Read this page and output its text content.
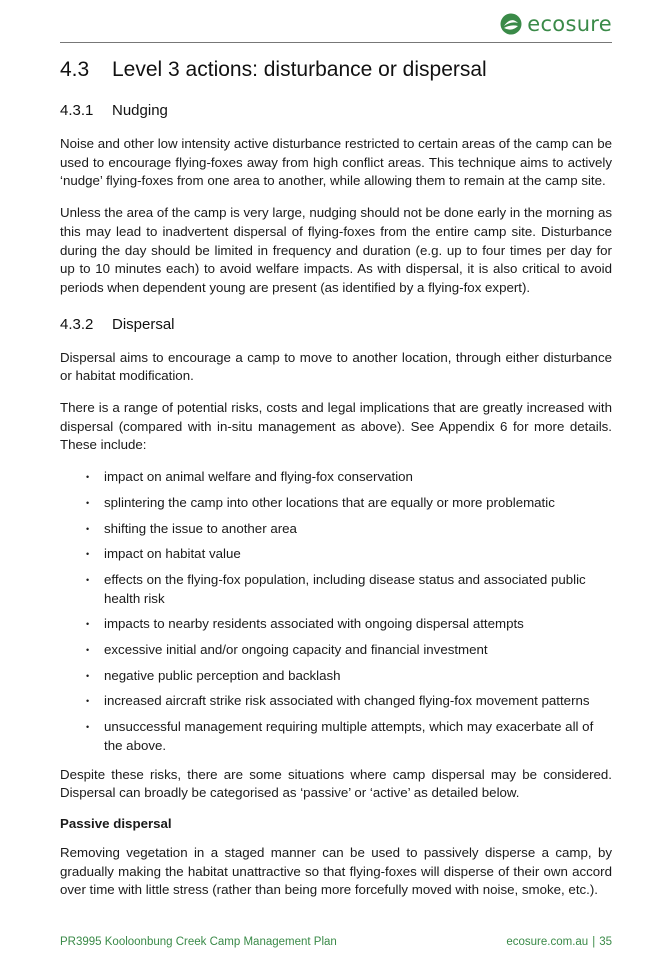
ecosure
4.3 Level 3 actions: disturbance or dispersal
4.3.1 Nudging

Noise and other low intensity active disturbance restricted to certain areas of the camp can be used to encourage flying-foxes away from high conflict areas. This technique aims to actively ‘nudge’ flying-foxes from one area to another, while allowing them to remain at the camp site.

Unless the area of the camp is very large, nudging should not be done early in the morning as this may lead to inadvertent dispersal of flying-foxes from the entire camp site. Disturbance during the day should be limited in frequency and duration (e.g. up to four times per day for up to 10 minutes each) to avoid welfare impacts. As with dispersal, it is also critical to avoid periods when dependent young are present (as identified by a flying-fox expert).

4.3.2 Dispersal

Dispersal aims to encourage a camp to move to another location, through either disturbance or habitat modification.

There is a range of potential risks, costs and legal implications that are greatly increased with dispersal (compared with in-situ management as above). See Appendix 6 for more details. These include:

• impact on animal welfare and flying-fox conservation
• splintering the camp into other locations that are equally or more problematic
• shifting the issue to another area
• impact on habitat value
• effects on the flying-fox population, including disease status and associated public health risk
• impacts to nearby residents associated with ongoing dispersal attempts
• excessive initial and/or ongoing capacity and financial investment
• negative public perception and backlash
• increased aircraft strike risk associated with changed flying-fox movement patterns
• unsuccessful management requiring multiple attempts, which may exacerbate all of the above.

Despite these risks, there are some situations where camp dispersal may be considered. Dispersal can broadly be categorised as ‘passive’ or ‘active’ as detailed below.

Passive dispersal

Removing vegetation in a staged manner can be used to passively disperse a camp, by gradually making the habitat unattractive so that flying-foxes will disperse of their own accord over time with little stress (rather than being more forcefully moved with noise, smoke, etc.).

PR3995 Kooloonbung Creek Camp Management Plan	ecosure.com.au | 35
